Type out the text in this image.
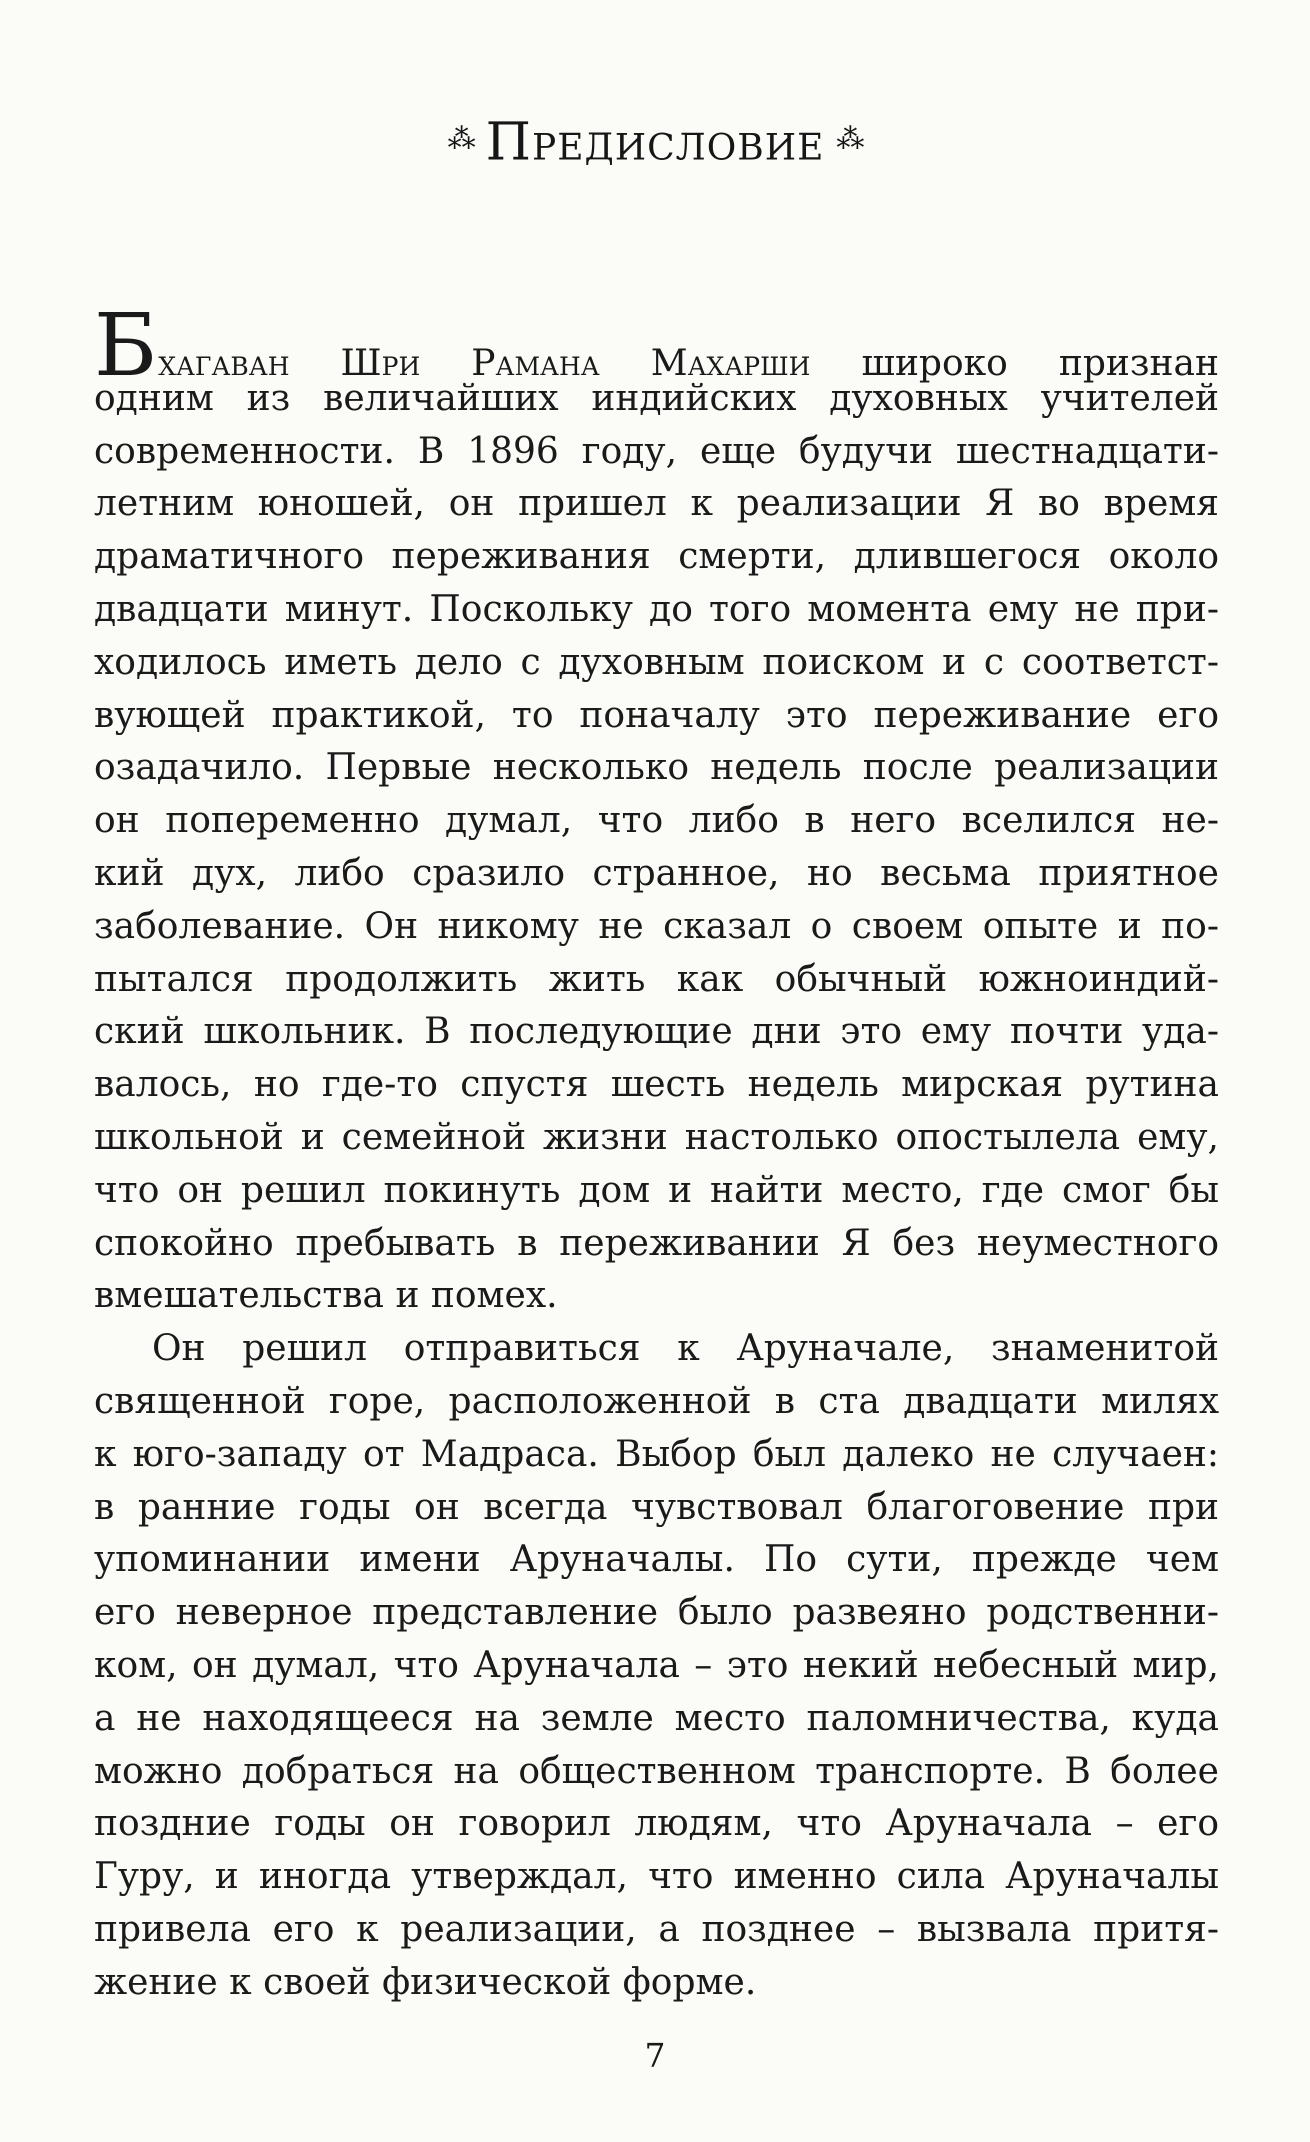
⁂ Предисловие ⁂
Бхагаван Шри Рамана Махарши широко признан
одним из величайших индийских духовных учителей
современности. В 1896 году, еще будучи шестнадцати-
летним юношей, он пришел к реализации Я во время
драматичного переживания смерти, длившегося около
двадцати минут. Поскольку до того момента ему не при-
ходилось иметь дело с духовным поиском и с соответст-
вующей практикой, то поначалу это переживание его
озадачило. Первые несколько недель после реализации
он попеременно думал, что либо в него вселился не-
кий дух, либо сразило странное, но весьма приятное
заболевание. Он никому не сказал о своем опыте и по-
пытался продолжить жить как обычный южноиндий-
ский школьник. В последующие дни это ему почти уда-
валось, но где-то спустя шесть недель мирская рутина
школьной и семейной жизни настолько опостылела ему,
что он решил покинуть дом и найти место, где смог бы
спокойно пребывать в переживании Я без неуместного
вмешательства и помех.
Он решил отправиться к Аруначале, знаменитой
священной горе, расположенной в ста двадцати милях
к юго-западу от Мадраса. Выбор был далеко не случаен:
в ранние годы он всегда чувствовал благоговение при
упоминании имени Аруначалы. По сути, прежде чем
его неверное представление было развеяно родственни-
ком, он думал, что Аруначала – это некий небесный мир,
а не находящееся на земле место паломничества, куда
можно добраться на общественном транспорте. В более
поздние годы он говорил людям, что Аруначала – его
Гуру, и иногда утверждал, что именно сила Аруначалы
привела его к реализации, а позднее – вызвала притя-
жение к своей физической форме.
7
